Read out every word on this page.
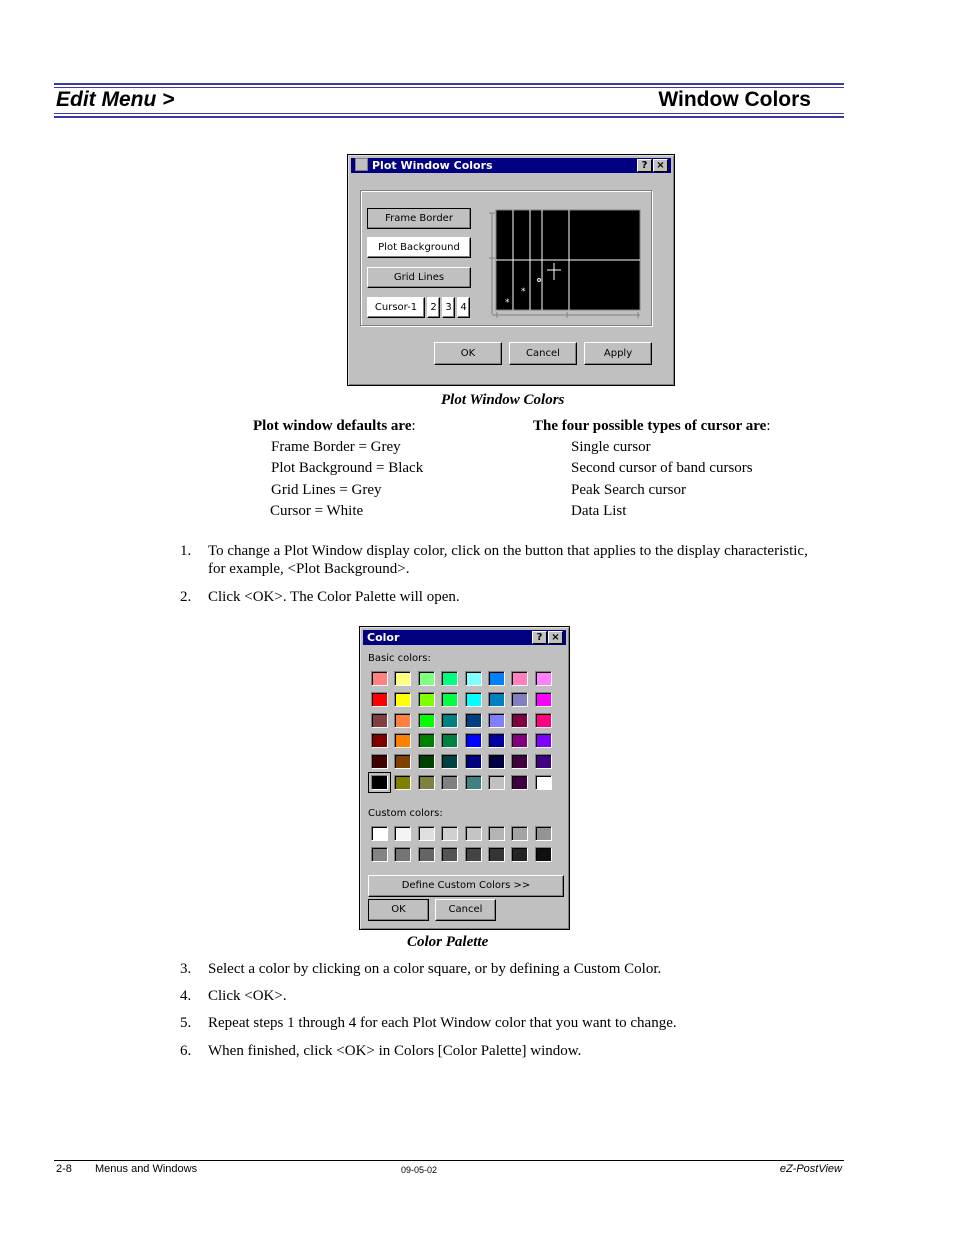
Edit Menu >	Window Colors
Plot Window Colors	? ×
Frame Border
Plot Background
Grid Lines
Cursor-1	2 3 4
*
*
OK	Cancel	Apply
Plot Window Colors
Plot window defaults are:
Frame Border = Grey
Plot Background = Black
Grid Lines = Grey
Cursor = White
The four possible types of cursor are:
Single cursor
Second cursor of band cursors
Peak Search cursor
Data List
1. To change a Plot Window display color, click on the button that applies to the display characteristic,
for example, <Plot Background>.
2. Click <OK>. The Color Palette will open.
Color	? ×
Basic colors:
Custom colors:
Define Custom Colors >>
OK	Cancel
Color Palette
3. Select a color by clicking on a color square, or by defining a Custom Color.
4. Click <OK>.
5. Repeat steps 1 through 4 for each Plot Window color that you want to change.
6. When finished, click <OK> in Colors [Color Palette] window.
2-8 Menus and Windows	09-05-02	eZ-PostView
